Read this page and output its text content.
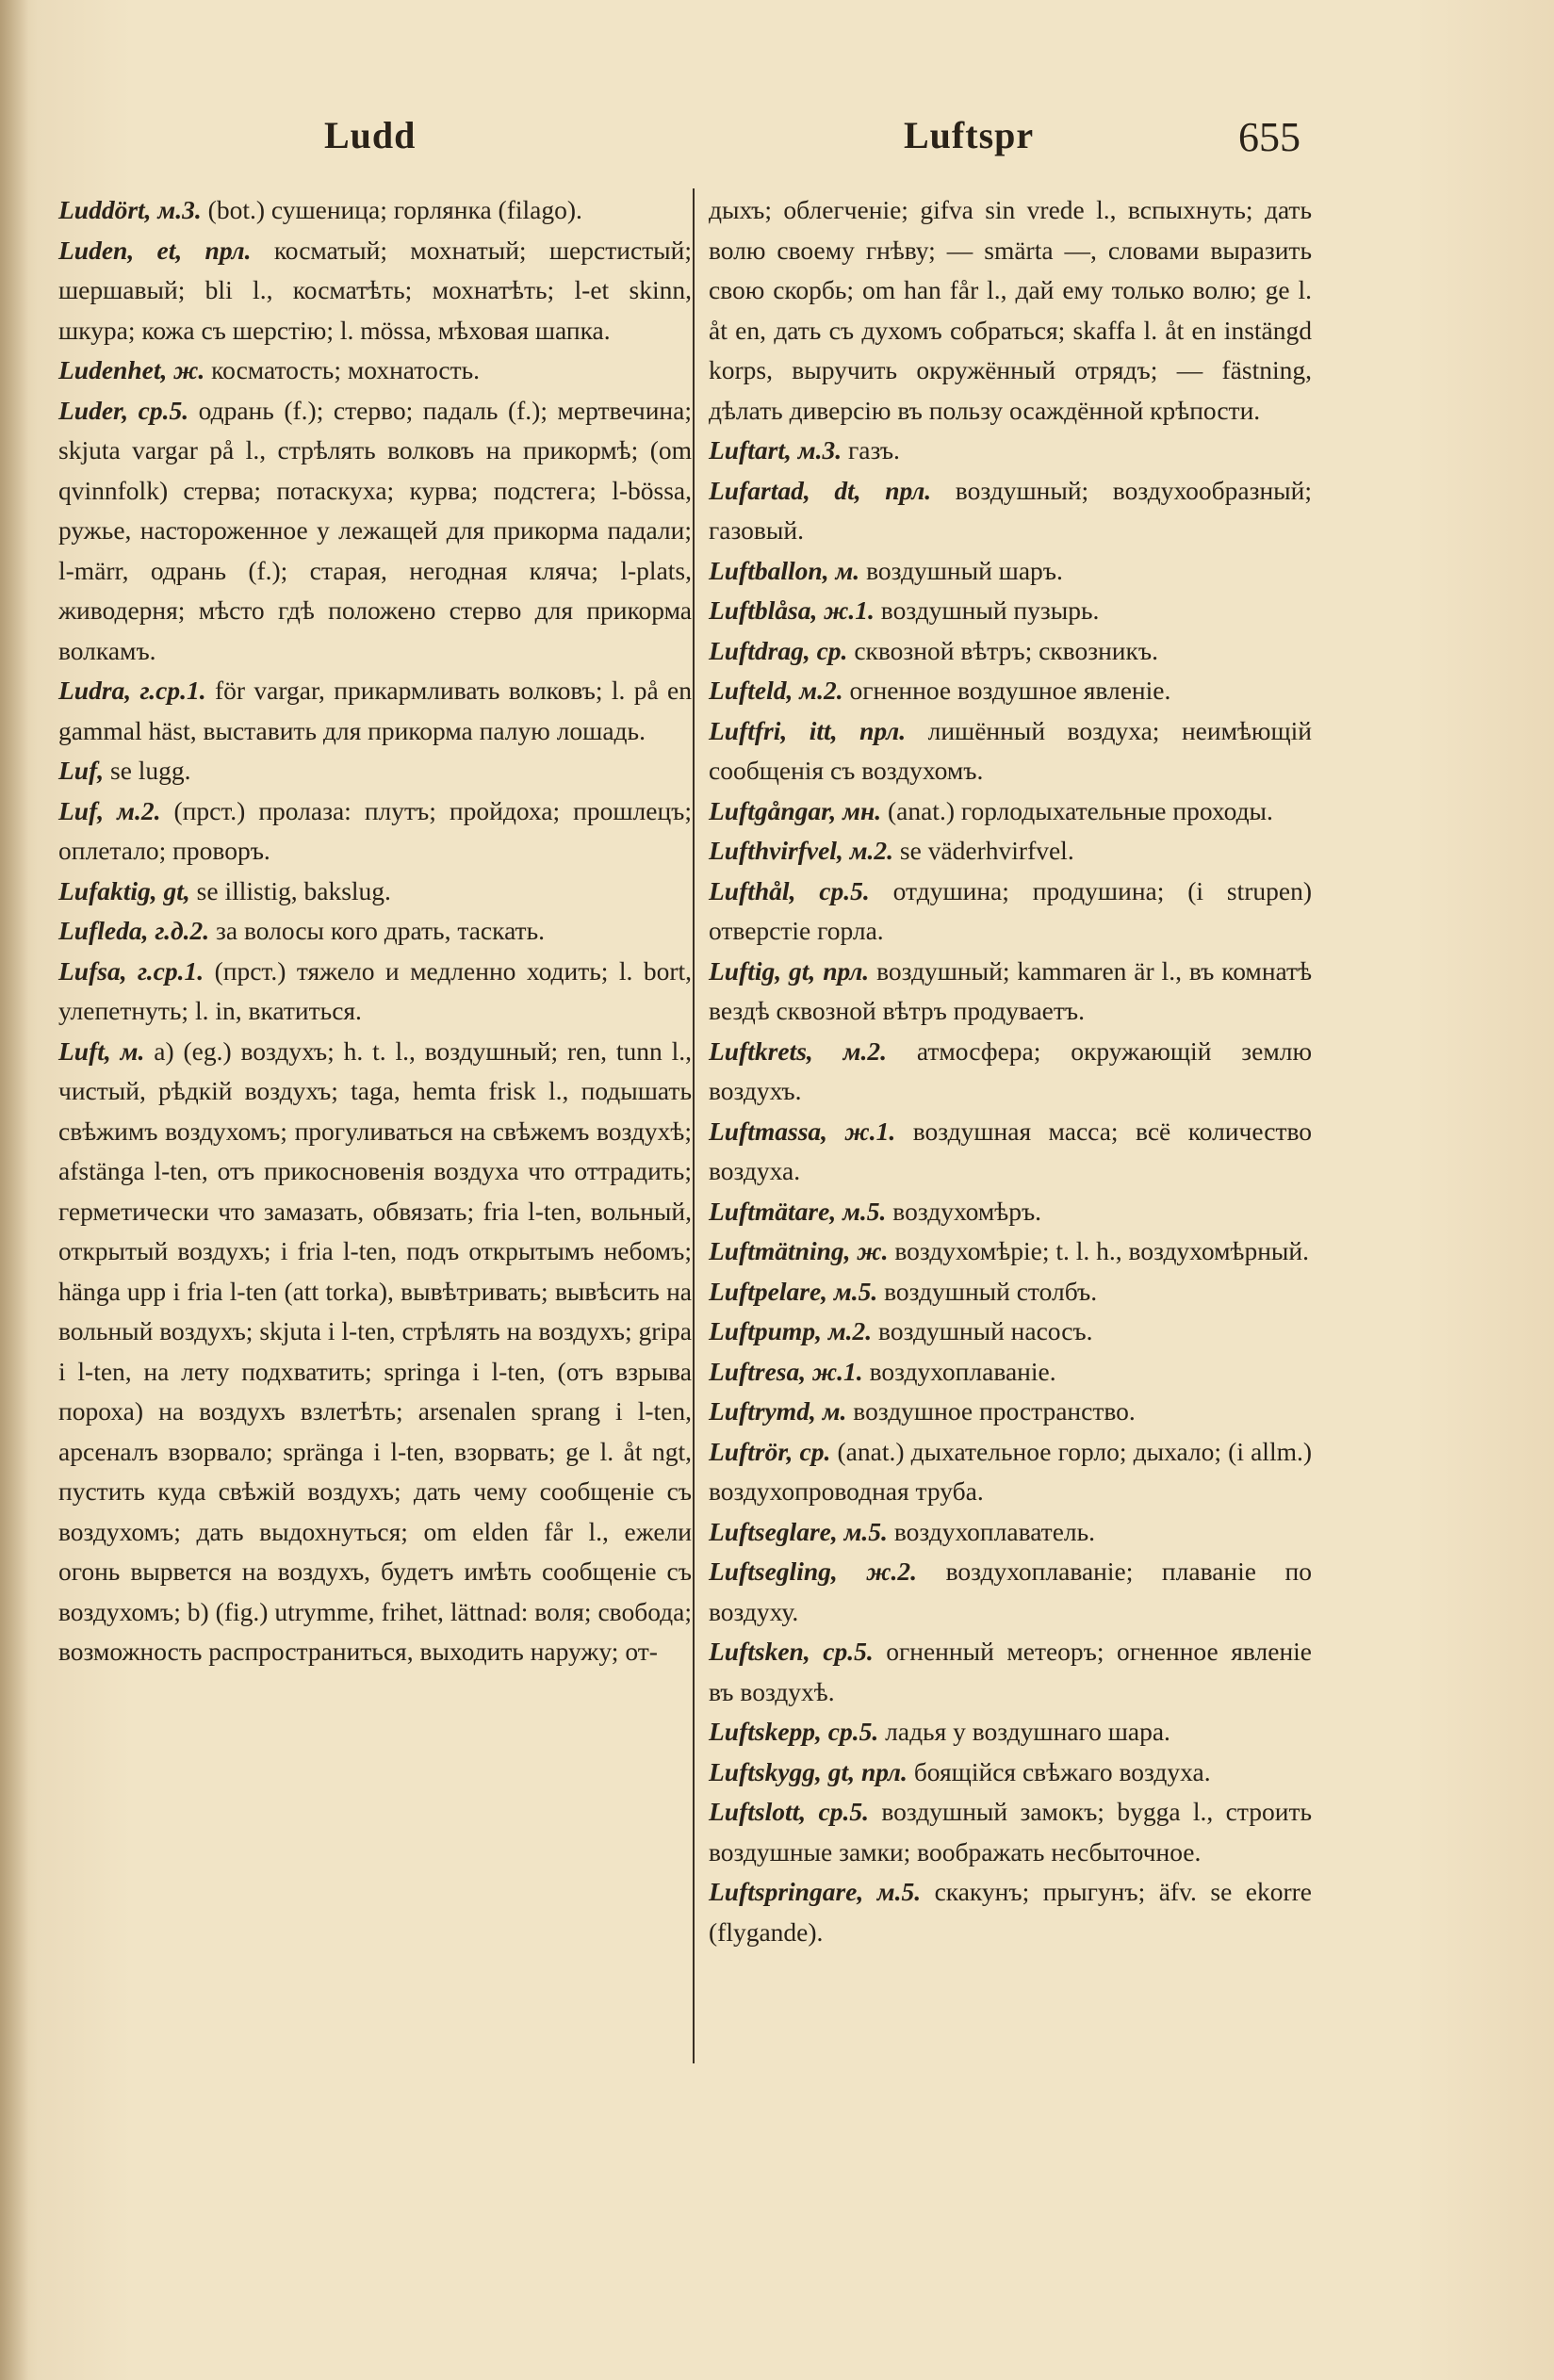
Ludd	Luftspr	655

Luddört, м.3. (bot.) сушеница; горлянка (filago).

Luden, et, прл. косматый; мохнатый; шерстистый; шершавый; bli l., косматѣть; мохнатѣть; l-et skinn, шкура; кожа съ шерстію; l. mössa, мѣховая шапка.

Ludenhet, ж. косматость; мохнатость.

Luder, ср.5. одрань (f.); стерво; падаль (f.); мертвечина; skjuta vargar på l., стрѣлять волковъ на прикормѣ; (om qvinnfolk) стерва; потаскуха; курва; подстега; l-bössa, ружье, настороженное у лежащей для прикорма падали; l-märr, одрань (f.); старая, негодная кляча; l-plats, живодерня; мѣсто гдѣ положено стерво для прикорма волкамъ.

Ludra, г.ср.1. för vargar, прикармливать волковъ; l. på en gammal häst, выставить для прикорма палую лошадь.

Luf, se lugg.

Luf, м.2. (прст.) пролаза: плутъ; пройдоха; прошлецъ; оплетало; проворъ.

Lufaktig, gt, se illistig, bakslug.

Lufleda, г.д.2. за волосы кого драть, таскать.

Lufsa, г.ср.1. (прст.) тяжело и медленно ходить; l. bort, улепетнуть; l. in, вкатиться.

Luft, м. a) (eg.) воздухъ; h. t. l., воздушный; ren, tunn l., чистый, рѣдкій воздухъ; taga, hemta frisk l., подышать свѣжимъ воздухомъ; прогуливаться на свѣжемъ воздухѣ; afstänga l-ten, отъ прикосновенія воздуха что оттрадить; герметически что замазать, обвязать; fria l-ten, вольный, открытый воздухъ; i fria l-ten, подъ открытымъ небомъ; hänga upp i fria l-ten (att torka), вывѣтривать; вывѣсить на вольный воздухъ; skjuta i l-ten, стрѣлять на воздухъ; gripa i l-ten, на лету подхватить; springa i l-ten, (отъ взрыва пороха) на воздухъ взлетѣть; arsenalen sprang i l-ten, арсеналъ взорвало; spränga i l-ten, взорвать; ge l. åt ngt, пустить куда свѣжій воздухъ; дать чему сообщеніе съ воздухомъ; дать выдохнуться; om elden får l., ежели огонь вырвется на воздухъ, будетъ имѣть сообщеніе съ воздухомъ; b) (fig.) utrymme, frihet, lättnad: воля; свобода; возможность распространиться, выходить наружу; от-

дыхъ; облегченіе; gifva sin vrede l., вспыхнуть; дать волю своему гнѣву; — smärta —, словами выразить свою скорбь; om han får l., дай ему только волю; ge l. åt en, дать съ духомъ собраться; skaffa l. åt en instängd korps, выручить окружённый отрядъ; — fästning, дѣлать диверсію въ пользу осаждённой крѣпости.

Luftart, м.3. газъ.

Lufartad, dt, прл. воздушный; воздухообразный; газовый.

Luftballon, м. воздушный шаръ.

Luftblåsa, ж.1. воздушный пузырь.

Luftdrag, ср. сквозной вѣтръ; сквозникъ.

Lufteld, м.2. огненное воздушное явленіе.

Luftfri, itt, прл. лишённый воздуха; неимѣющій сообщенія съ воздухомъ.

Luftgångar, мн. (anat.) горлодыхательные проходы.

Lufthvirfvel, м.2. se väderhvirfvel.

Lufthål, ср.5. отдушина; продушина; (i strupen) отверстіе горла.

Luftig, gt, прл. воздушный; kammaren är l., въ комнатѣ вездѣ сквозной вѣтръ продуваетъ.

Luftkrets, м.2. атмосфера; окружающій землю воздухъ.

Luftmassa, ж.1. воздушная масса; всё количество воздуха.

Luftmätare, м.5. воздухомѣръ.

Luftmätning, ж. воздухомѣріе; t. l. h., воздухомѣрный.

Luftpelare, м.5. воздушный столбъ.

Luftpump, м.2. воздушный насосъ.

Luftresa, ж.1. воздухоплаваніе.

Luftrymd, м. воздушное пространство.

Luftrör, ср. (anat.) дыхательное горло; дыхало; (i allm.) воздухопроводная труба.

Luftseglare, м.5. воздухоплаватель.

Luftsegling, ж.2. воздухоплаваніе; плаваніе по воздуху.

Luftsken, ср.5. огненный метеоръ; огненное явленіе въ воздухѣ.

Luftskepp, ср.5. ладья у воздушнаго шара.

Luftskygg, gt, прл. боящійся свѣжаго воздуха.

Luftslott, ср.5. воздушный замокъ; bygga l., строить воздушные замки; воображать несбыточное.

Luftspringare, м.5. скакунъ; прыгунъ; äfv. se ekorre (flygande).
